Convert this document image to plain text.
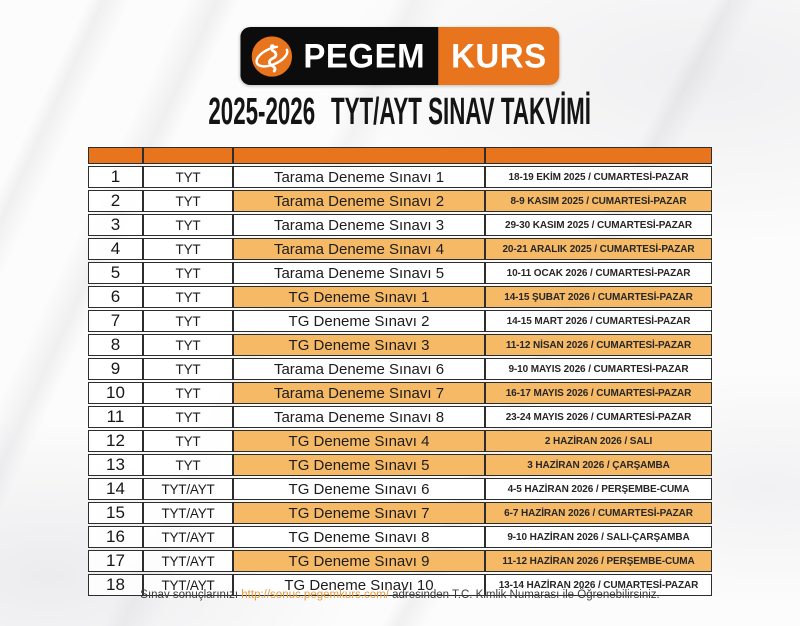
PEGEM KURS
2025-2026 TYT/AYT SINAV TAKVİMİ

1	TYT	Tarama Deneme Sınavı 1	18-19 EKİM 2025 / CUMARTESİ-PAZAR
2	TYT	Tarama Deneme Sınavı 2	8-9 KASIM 2025 / CUMARTESİ-PAZAR
3	TYT	Tarama Deneme Sınavı 3	29-30 KASIM 2025 / CUMARTESİ-PAZAR
4	TYT	Tarama Deneme Sınavı 4	20-21 ARALIK 2025 / CUMARTESİ-PAZAR
5	TYT	Tarama Deneme Sınavı 5	10-11 OCAK 2026 / CUMARTESİ-PAZAR
6	TYT	TG Deneme Sınavı 1	14-15 ŞUBAT 2026 / CUMARTESİ-PAZAR
7	TYT	TG Deneme Sınavı 2	14-15 MART 2026 / CUMARTESİ-PAZAR
8	TYT	TG Deneme Sınavı 3	11-12 NİSAN 2026 / CUMARTESİ-PAZAR
9	TYT	Tarama Deneme Sınavı 6	9-10 MAYIS 2026 / CUMARTESİ-PAZAR
10	TYT	Tarama Deneme Sınavı 7	16-17 MAYIS 2026 / CUMARTESİ-PAZAR
11	TYT	Tarama Deneme Sınavı 8	23-24 MAYIS 2026 / CUMARTESİ-PAZAR
12	TYT	TG Deneme Sınavı 4	2 HAZİRAN 2026 / SALI
13	TYT	TG Deneme Sınavı 5	3 HAZİRAN 2026 / ÇARŞAMBA
14	TYT/AYT	TG Deneme Sınavı 6	4-5 HAZİRAN 2026 / PERŞEMBE-CUMA
15	TYT/AYT	TG Deneme Sınavı 7	6-7 HAZİRAN 2026 / CUMARTESİ-PAZAR
16	TYT/AYT	TG Deneme Sınavı 8	9-10 HAZİRAN 2026 / SALI-ÇARŞAMBA
17	TYT/AYT	TG Deneme Sınavı 9	11-12 HAZİRAN 2026 / PERŞEMBE-CUMA
18	TYT/AYT	TG Deneme Sınavı 10	13-14 HAZİRAN 2026 / CUMARTESİ-PAZAR
Sınav sonuçlarınızı http://sonuc.pegemkurs.com/ adresinden T.C. Kimlik Numarası ile Öğrenebilirsiniz.
